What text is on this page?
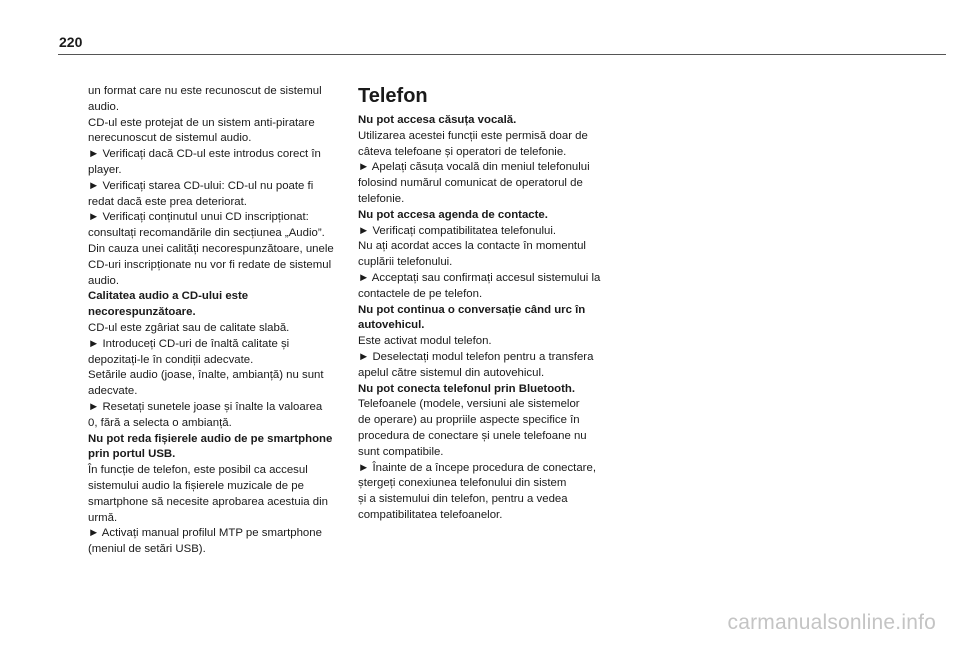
220

un format care nu este recunoscut de sistemul
audio.

CD-ul este protejat de un sistem anti-piratare
nerecunoscut de sistemul audio.

► Verificați dacă CD-ul este introdus corect în
player.

► Verificați starea CD-ului: CD-ul nu poate fi
redat dacă este prea deteriorat.

► Verificați conținutul unui CD inscripționat:
consultați recomandările din secțiunea „Audio”.

Din cauza unei calități necorespunzătoare, unele
CD-uri inscripționate nu vor fi redate de sistemul
audio.

Calitatea audio a CD-ului este
necorespunzătoare.

CD-ul este zgâriat sau de calitate slabă.

► Introduceți CD-uri de înaltă calitate și
depozitați-le în condiții adecvate.

Setările audio (joase, înalte, ambianță) nu sunt
adecvate.

► Resetați sunetele joase și înalte la valoarea
0, fără a selecta o ambianță.

Nu pot reda fișierele audio de pe smartphone
prin portul USB.

În funcție de telefon, este posibil ca accesul
sistemului audio la fișierele muzicale de pe
smartphone să necesite aprobarea acestuia din
urmă.

► Activați manual profilul MTP pe smartphone
(meniul de setări USB).

Telefon

Nu pot accesa căsuța vocală.

Utilizarea acestei funcții este permisă doar de
câteva telefoane și operatori de telefonie.

► Apelați căsuța vocală din meniul telefonului
folosind numărul comunicat de operatorul de
telefonie.

Nu pot accesa agenda de contacte.

► Verificați compatibilitatea telefonului.

Nu ați acordat acces la contacte în momentul
cuplării telefonului.

► Acceptați sau confirmați accesul sistemului la
contactele de pe telefon.

Nu pot continua o conversație când urc în
autovehicul.

Este activat modul telefon.

► Deselectați modul telefon pentru a transfera
apelul către sistemul din autovehicul.

Nu pot conecta telefonul prin Bluetooth.

Telefoanele (modele, versiuni ale sistemelor
de operare) au propriile aspecte specifice în
procedura de conectare și unele telefoane nu
sunt compatibile.

► Înainte de a începe procedura de conectare,
ștergeți conexiunea telefonului din sistem
și a sistemului din telefon, pentru a vedea
compatibilitatea telefoanelor.

carmanualsonline.info
